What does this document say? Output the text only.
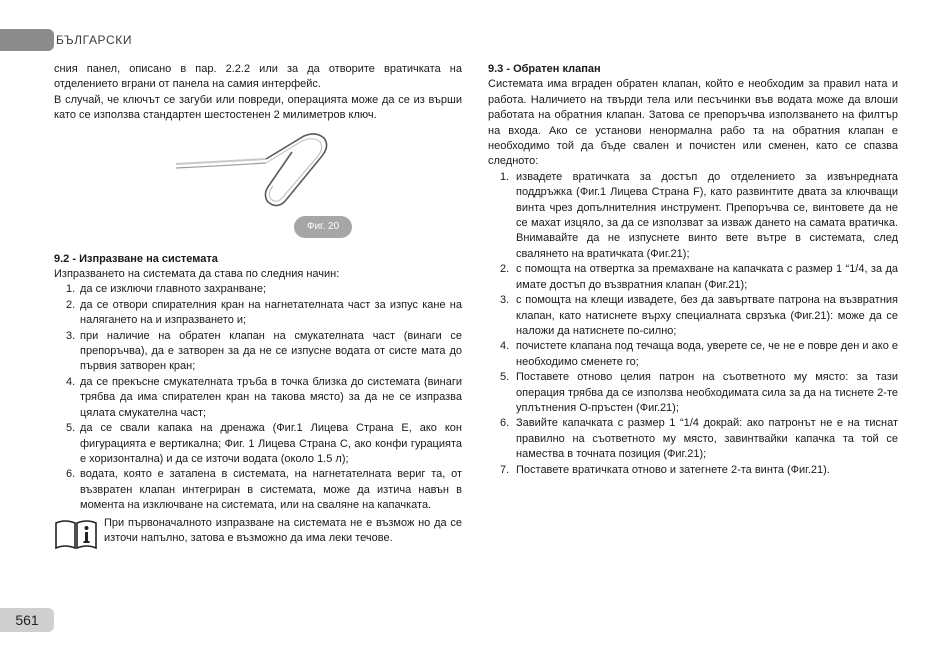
БЪЛГАРСКИ

сния панел, описано в пар. 2.2.2 или за да отворите вратичката на отделението вграни от панела на самия интерфейс.

В случай, че ключът се загуби или повреди, операцията може да се из върши като се използва стандартен шестостенен 2 милиметров ключ.

Фиг. 20

9.2 - Изпразване на системата

Изпразването на системата да става по следния начин:

1. да се изключи главното захранване;
2. да се отвори спирателния кран на нагнетателната част за изпус кане на налягането на и изпразването и;
3. при наличие на обратен клапан на смукателната част (винаги се препоръчва), да е затворен за да не се изпусне водата от систе мата до първия затворен кран;
4. да се прекъсне смукателната тръба в точка близка до системата (винаги трябва да има спирателен кран на такова място) за да не се изпразва цялата смукателна част;
5. да се свали капака на дренажа (Фиг.1 Лицева Страна E, ако кон фигурацията е вертикална; Фиг. 1 Лицева Страна C, ако конфи гурацията е хоризонтална) и да се източи водата (около 1.5 л);
6. водата, която е затапена в системата, на нагнетателната вериг та, от възвратен клапан интегриран в системата, може да изтича навън в момента на изключване на системата, или на сваляне на капачката.

При първоначалното изпразване на системата не е възмож но да се източи напълно, затова е възможно да има леки течове.

9.3 - Обратен клапан

Системата има вграден обратен клапан, който е необходим за правил ната и работа. Наличието на твърди тела или песъчинки във водата може да влоши работата на обратния клапан. Затова се препоръчва използването на филтър на входа. Ако се установи ненормална рабо та на обратния клапан е необходимо той да бъде свален и почистен или сменен, като се спазва следното:

1. извадете вратичката за достъп до отделението за извънредната поддръжка (Фиг.1 Лицева Страна F), като развинтите двата за ключващи винта чрез допълнителния инструмент. Препоръчва се, винтовете да не се махат изцяло, за да се използват за изваж дането на самата вратичка. Внимавайте да не изпуснете винто вете вътре в системата, след свалянето на вратичката (Фиг.21);
2. с помощта на отвертка за премахване на капачката с размер 1 “1/4, за да имате достъп до възвратния клапан (Фиг.21);
3. с помощта на клещи извадете, без да завъртвате патрона на възвратния клапан, като натиснете върху специалната сврзъка (Фиг.21): може да се наложи да натиснете по-силно;
4. почистете клапана под течаща вода, уверете се, че не е повре ден и ако е необходимо сменете го;
5. Поставете отново целия патрон на съответното му място: за тази операция трябва да се използва необходимата сила за да на тиснете 2-те уплътнения О-пръстен (Фиг.21);
6. Завийте капачката с размер 1 “1/4 докрай: ако патронът не е на тиснат правилно на съответното му място, завинтвайки капачка та той се намества в точната позиция (Фиг.21);
7. Поставете вратичката отново и затегнете 2-та винта (Фиг.21).
561
